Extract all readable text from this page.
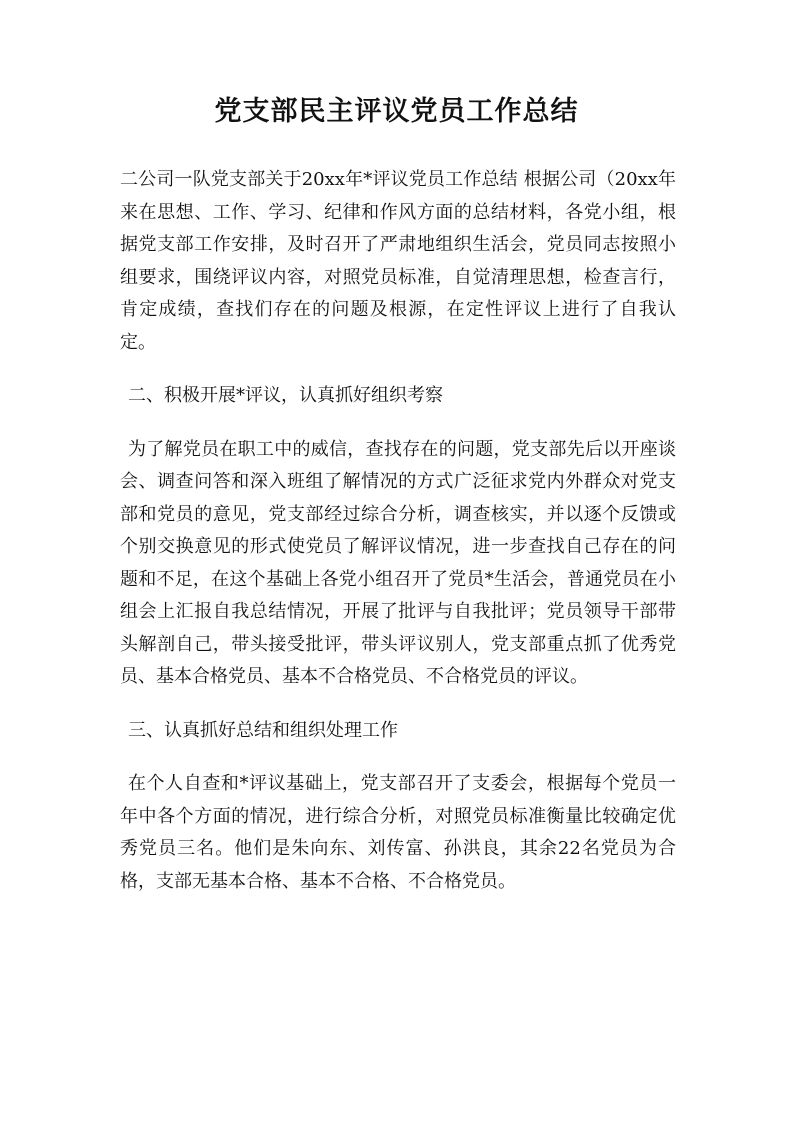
党支部民主评议党员工作总结

二公司一队党支部关于20xx年*评议党员工作总结 根据公司（20xx年来在思想、工作、学习、纪律和作风方面的总结材料，各党小组，根据党支部工作安排，及时召开了严肃地组织生活会，党员同志按照小组要求，围绕评议内容，对照党员标准，自觉清理思想，检查言行，肯定成绩，查找们存在的问题及根源，在定性评议上进行了自我认定。

二、积极开展*评议，认真抓好组织考察

为了解党员在职工中的威信，查找存在的问题，党支部先后以开座谈会、调查问答和深入班组了解情况的方式广泛征求党内外群众对党支部和党员的意见，党支部经过综合分析，调查核实，并以逐个反馈或个别交换意见的形式使党员了解评议情况，进一步查找自己存在的问题和不足，在这个基础上各党小组召开了党员*生活会，普通党员在小组会上汇报自我总结情况，开展了批评与自我批评；党员领导干部带头解剖自己，带头接受批评，带头评议别人，党支部重点抓了优秀党员、基本合格党员、基本不合格党员、不合格党员的评议。

三、认真抓好总结和组织处理工作

在个人自查和*评议基础上，党支部召开了支委会，根据每个党员一年中各个方面的情况，进行综合分析，对照党员标准衡量比较确定优秀党员三名。他们是朱向东、刘传富、孙洪良，其余22名党员为合格，支部无基本合格、基本不合格、不合格党员。
